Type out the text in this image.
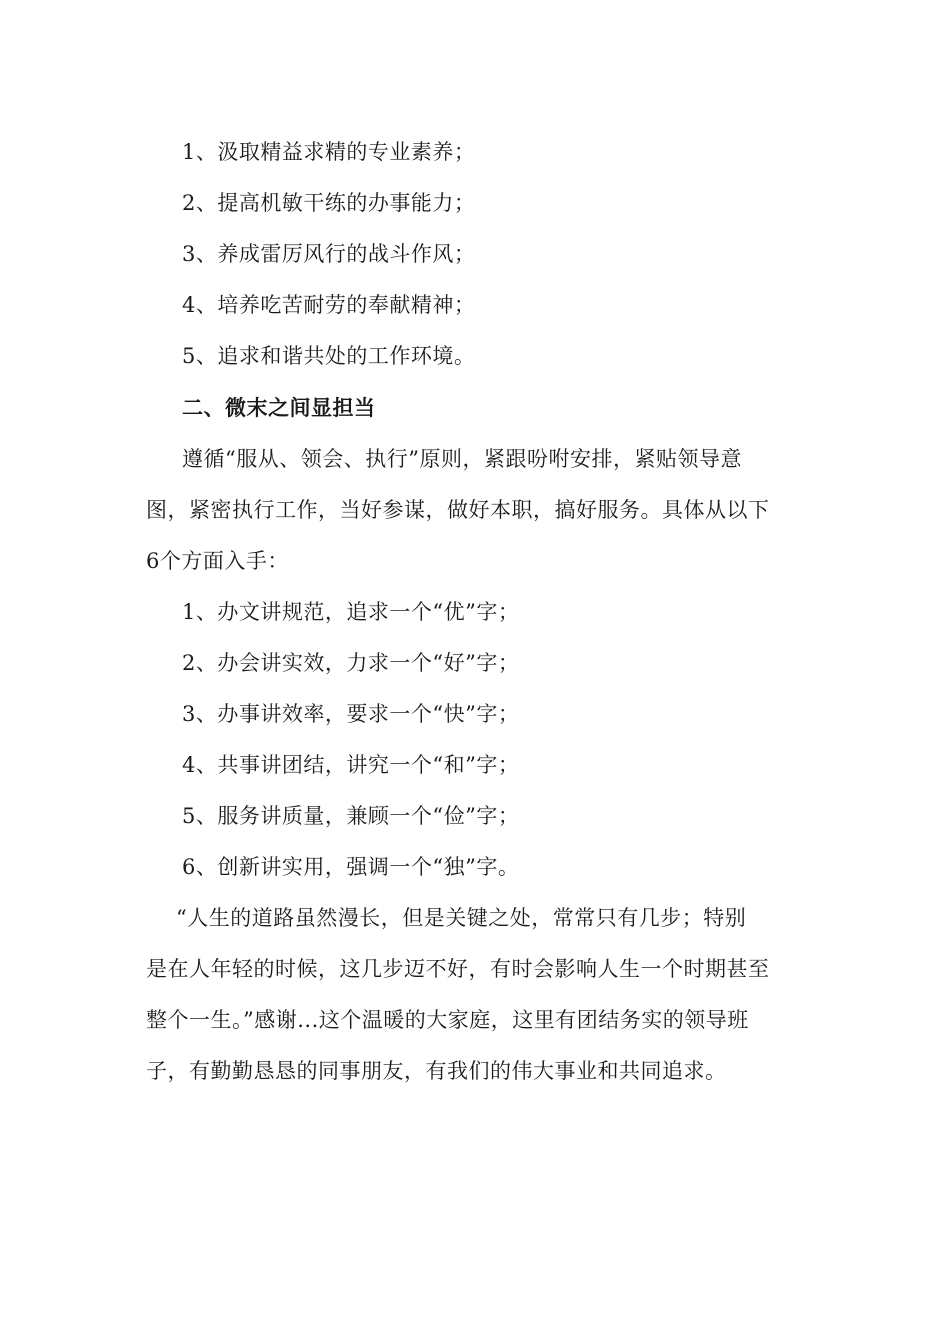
1、汲取精益求精的专业素养；
2、提高机敏干练的办事能力；
3、养成雷厉风行的战斗作风；
4、培养吃苦耐劳的奉献精神；
5、追求和谐共处的工作环境。
二、微末之间显担当
遵循“服从、领会、执行”原则，紧跟吩咐安排，紧贴领导意
图，紧密执行工作，当好参谋，做好本职，搞好服务。具体从以下
6个方面入手：
1、办文讲规范，追求一个“优”字；
2、办会讲实效，力求一个“好”字；
3、办事讲效率，要求一个“快”字；
4、共事讲团结，讲究一个“和”字；
5、服务讲质量，兼顾一个“俭”字；
6、创新讲实用，强调一个“独”字。
“人生的道路虽然漫长，但是关键之处，常常只有几步；特别
是在人年轻的时候，这几步迈不好，有时会影响人生一个时期甚至
整个一生。”感谢...这个温暖的大家庭，这里有团结务实的领导班
子，有勤勤恳恳的同事朋友，有我们的伟大事业和共同追求。
